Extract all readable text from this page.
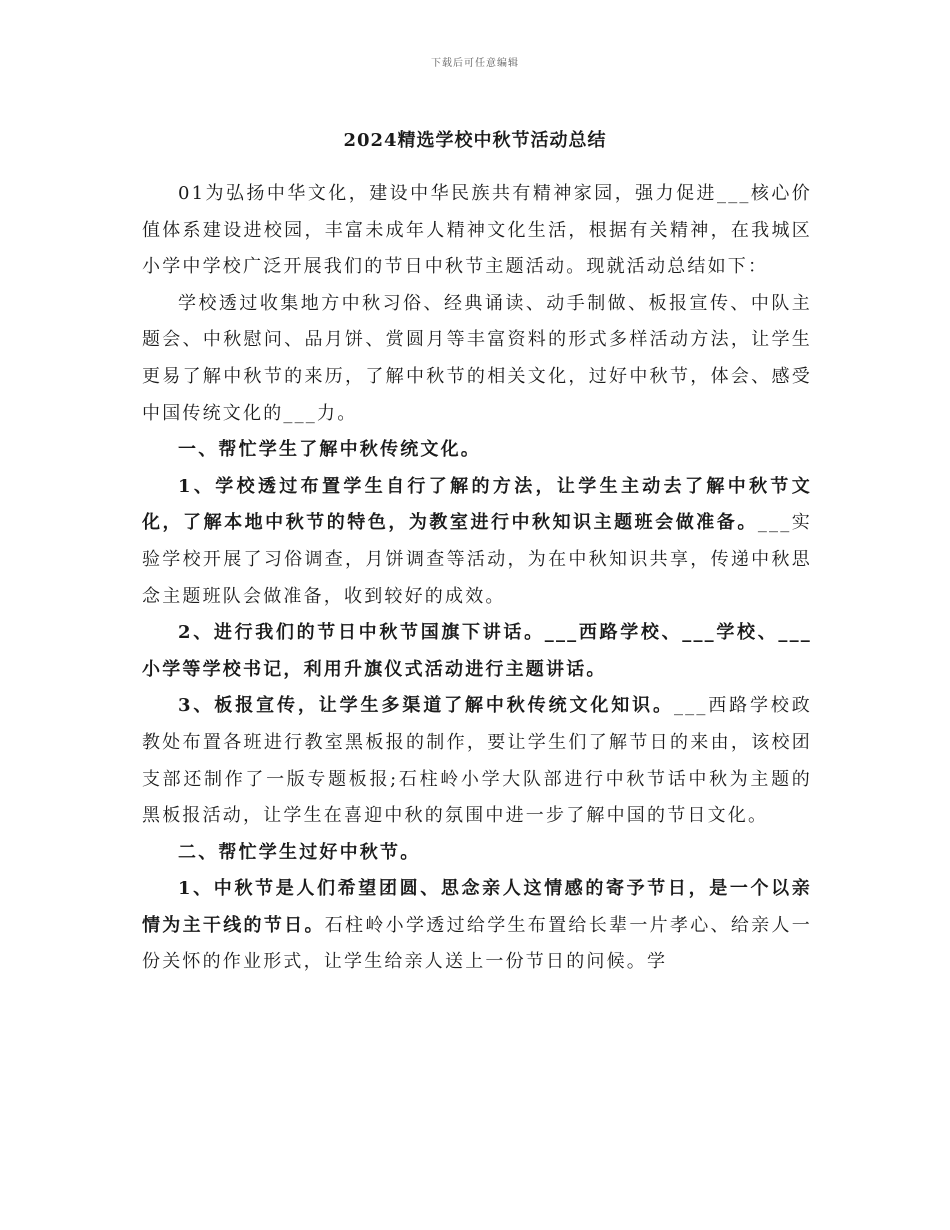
下载后可任意编辑
2024精选学校中秋节活动总结

01为弘扬中华文化，建设中华民族共有精神家园，强力促进___核心价值体系建设进校园，丰富未成年人精神文化生活，根据有关精神，在我城区小学中学校广泛开展我们的节日中秋节主题活动。现就活动总结如下：

学校透过收集地方中秋习俗、经典诵读、动手制做、板报宣传、中队主题会、中秋慰问、品月饼、赏圆月等丰富资料的形式多样活动方法，让学生更易了解中秋节的来历，了解中秋节的相关文化，过好中秋节，体会、感受中国传统文化的___力。

一、帮忙学生了解中秋传统文化。

1、学校透过布置学生自行了解的方法，让学生主动去了解中秋节文化，了解本地中秋节的特色，为教室进行中秋知识主题班会做准备。___实验学校开展了习俗调查，月饼调查等活动，为在中秋知识共享，传递中秋思念主题班队会做准备，收到较好的成效。

2、进行我们的节日中秋节国旗下讲话。___西路学校、___学校、___小学等学校书记，利用升旗仪式活动进行主题讲话。

3、板报宣传，让学生多渠道了解中秋传统文化知识。___西路学校政教处布置各班进行教室黑板报的制作，要让学生们了解节日的来由，该校团支部还制作了一版专题板报;石柱岭小学大队部进行中秋节话中秋为主题的黑板报活动，让学生在喜迎中秋的氛围中进一步了解中国的节日文化。

二、帮忙学生过好中秋节。

1、中秋节是人们希望团圆、思念亲人这情感的寄予节日，是一个以亲情为主干线的节日。石柱岭小学透过给学生布置给长辈一片孝心、给亲人一份关怀的作业形式，让学生给亲人送上一份节日的问候。学
